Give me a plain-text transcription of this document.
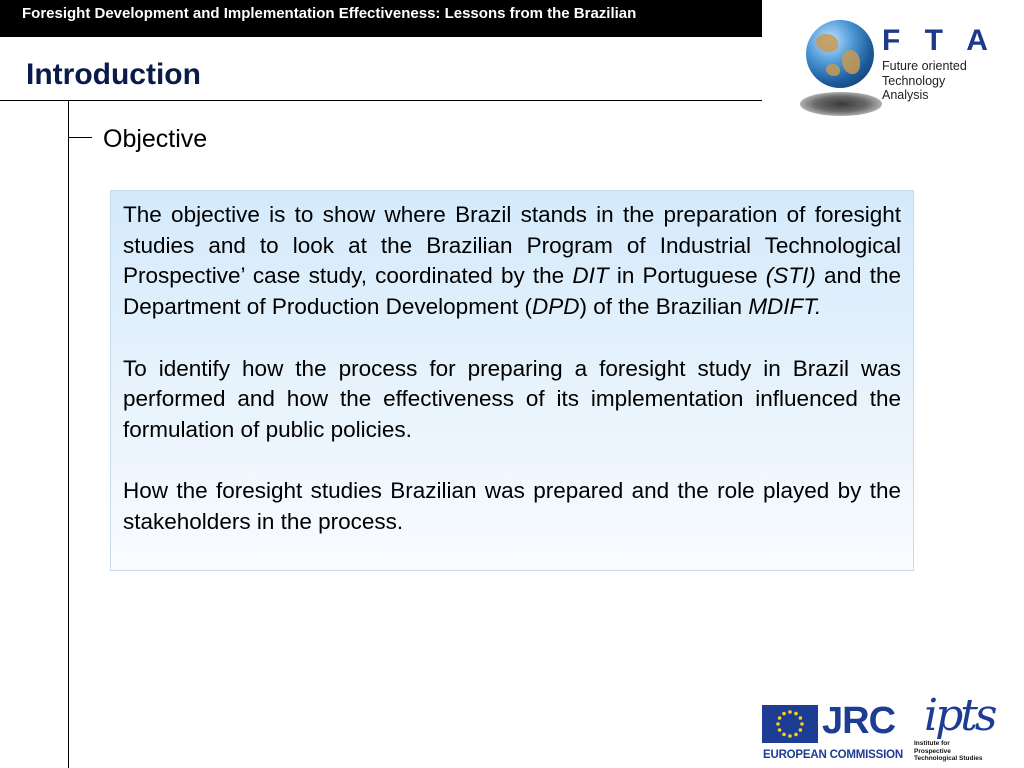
Foresight Development and Implementation Effectiveness: Lessons from the Brazilian
Introduction
Objective

The objective is to show where Brazil stands in the preparation of foresight studies and to look at the Brazilian Program of Industrial Technological Prospective’ case study, coordinated by the DIT in Portuguese (STI) and the Department of Production Development (DPD) of the Brazilian MDIFT.

To identify how the process for preparing a foresight study in Brazil was performed and how the effectiveness of its implementation influenced the formulation of public policies.

How the foresight studies Brazilian was prepared and the role played by the stakeholders in the process.

F T A
Future oriented
Technology
Analysis
JRC
EUROPEAN COMMISSION
ipts
Institute for
Prospective
Technological Studies
